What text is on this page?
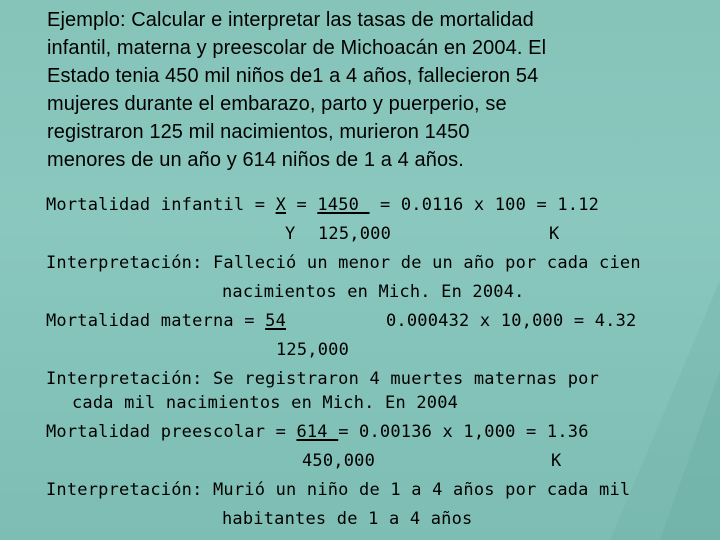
Ejemplo: Calcular e interpretar las tasas de mortalidad
infantil, materna y preescolar de Michoacán en 2004. El
Estado tenia 450 mil niños de1 a 4 años, fallecieron 54
mujeres durante el embarazo, parto y puerperio, se
registraron 125 mil nacimientos, murieron 1450
menores de un año y 614 niños de 1 a 4 años.
Mortalidad infantil = X = 1450  = 0.0116 x 100 = 1.12
Y 125,000	K
Interpretación: Falleció un menor de un año por cada cien
nacimientos en Mich. En 2004.
Mortalidad materna = 54	0.000432 x 10,000 = 4.32
125,000
Interpretación: Se registraron 4 muertes maternas por
cada mil nacimientos en Mich. En 2004
Mortalidad preescolar = 614 = 0.00136 x 1,000 = 1.36
450,000	K
Interpretación: Murió un niño de 1 a 4 años por cada mil
habitantes de 1 a 4 años
